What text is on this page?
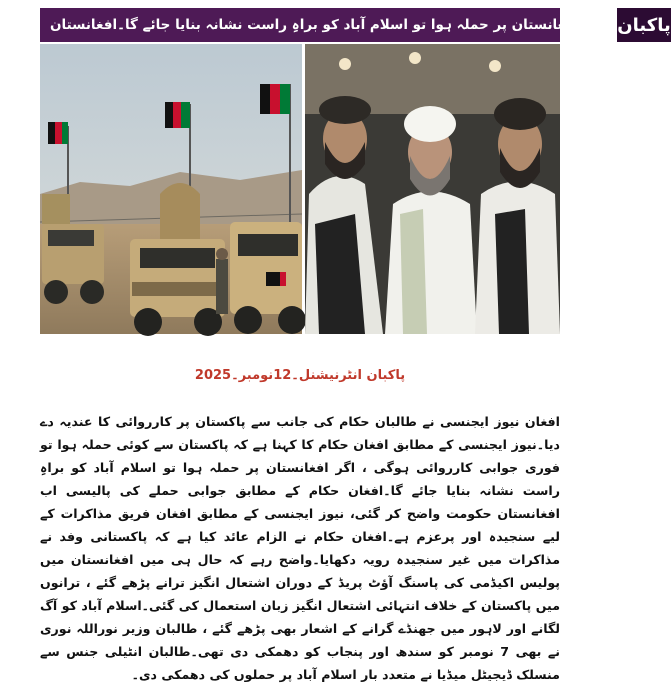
پاکبان
اگر افغانستان پر حملہ ہوا تو اسلام آباد کو براہِ راست نشانہ بنایا جائے گا۔افغانستان
پاکبان انٹرنیشنل۔12نومبر۔2025
افغان نیوز ایجنسی نے طالبان حکام کی جانب سے پاکستان پر کارروائی کا عندیہ دے دیا۔نیوز ایجنسی کے مطابق افغان حکام کا کہنا ہے کہ پاکستان سے کوئی حملہ ہوا تو فوری جوابی کارروائی ہوگی ، اگر افغانستان پر حملہ ہوا تو اسلام آباد کو براہِ راست نشانہ بنایا جائے گا۔افغان حکام کے مطابق جوابی حملے کی پالیسی اب افغانستان حکومت واضح کر گئی، نیوز ایجنسی کے مطابق افغان فریق مذاکرات کے لیے سنجیدہ اور پرعزم ہے۔افغان حکام نے الزام عائد کیا ہے کہ پاکستانی وفد نے مذاکرات میں غیر سنجیدہ رویہ دکھایا۔واضح رہے کہ حال ہی میں افغانستان میں پولیس اکیڈمی کی پاسنگ آؤٹ پریڈ کے دوران اشتعال انگیز ترانے پڑھے گئے ، ترانوں میں پاکستان کے خلاف انتہائی اشتعال انگیز زبان استعمال کی گئی۔اسلام آباد کو آگ لگانے اور لاہور میں جھنڈے گرانے کے اشعار بھی پڑھے گئے ، طالبان وزیر نوراللہ نوری نے بھی 7 نومبر کو سندھ اور پنجاب کو دھمکی دی تھی۔طالبان انٹیلی جنس سے منسلک ڈیجیٹل میڈیا نے متعدد بار اسلام آباد پر حملوں کی دھمکی دی۔
